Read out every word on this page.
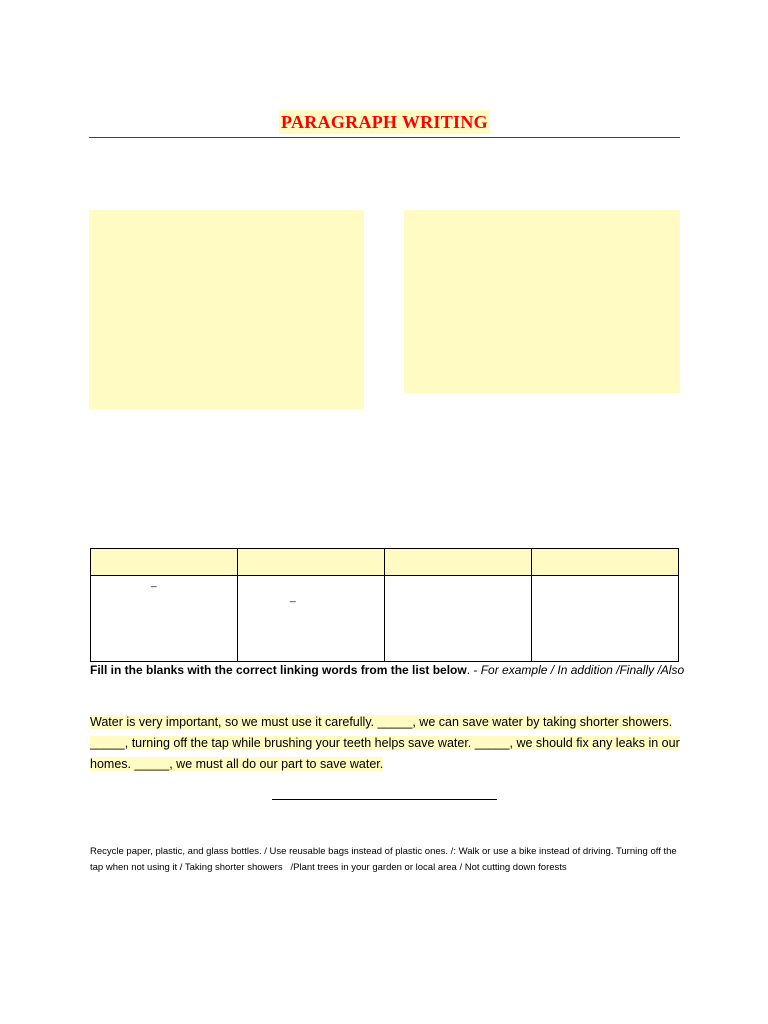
PARAGRAPH WRITING

_	_		

Fill in the blanks with the correct linking words from the list below. - For example / In addition /Finally /Also
Water is very important, so we must use it carefully. _____, we can save water by taking shorter showers. _____, turning off the tap while brushing your teeth helps save water. _____, we should fix any leaks in our homes. _____, we must all do our part to save water.
Recycle paper, plastic, and glass bottles. / Use reusable bags instead of plastic ones. /: Walk or use a bike instead of driving. Turning off the tap when not using it / Taking shorter showers   /Plant trees in your garden or local area / Not cutting down forests
